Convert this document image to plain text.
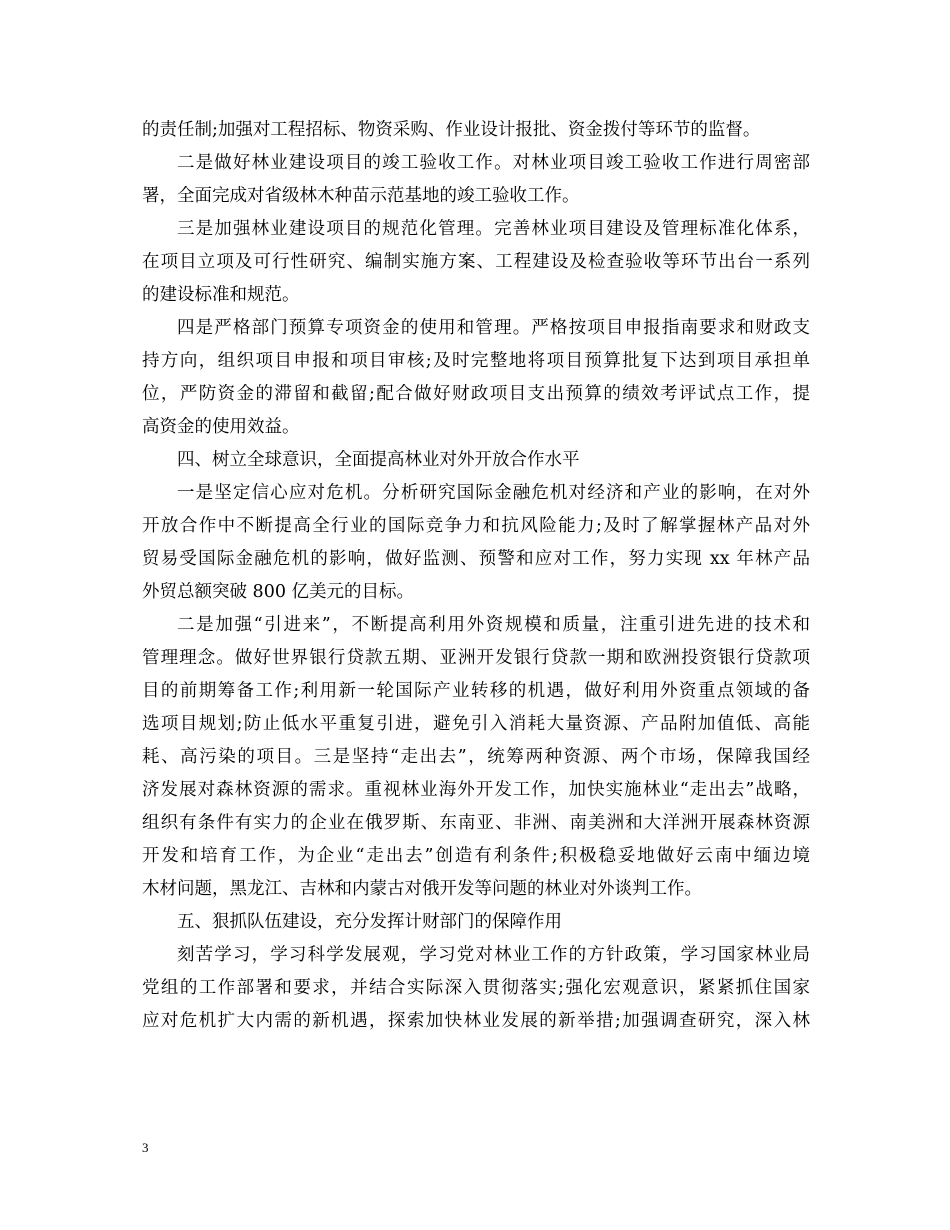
的责任制;加强对工程招标、物资采购、作业设计报批、资金拨付等环节的监督。
二是做好林业建设项目的竣工验收工作。对林业项目竣工验收工作进行周密部
署，全面完成对省级林木种苗示范基地的竣工验收工作。
三是加强林业建设项目的规范化管理。完善林业项目建设及管理标准化体系，
在项目立项及可行性研究、编制实施方案、工程建设及检查验收等环节出台一系列
的建设标准和规范。
四是严格部门预算专项资金的使用和管理。严格按项目申报指南要求和财政支
持方向，组织项目申报和项目审核;及时完整地将项目预算批复下达到项目承担单
位，严防资金的滞留和截留;配合做好财政项目支出预算的绩效考评试点工作，提
高资金的使用效益。
四、树立全球意识，全面提高林业对外开放合作水平
一是坚定信心应对危机。分析研究国际金融危机对经济和产业的影响，在对外
开放合作中不断提高全行业的国际竞争力和抗风险能力;及时了解掌握林产品对外
贸易受国际金融危机的影响，做好监测、预警和应对工作，努力实现 xx 年林产品
外贸总额突破 800 亿美元的目标。
二是加强“引进来”，不断提高利用外资规模和质量，注重引进先进的技术和
管理理念。做好世界银行贷款五期、亚洲开发银行贷款一期和欧洲投资银行贷款项
目的前期筹备工作;利用新一轮国际产业转移的机遇，做好利用外资重点领域的备
选项目规划;防止低水平重复引进，避免引入消耗大量资源、产品附加值低、高能
耗、高污染的项目。三是坚持“走出去”，统筹两种资源、两个市场，保障我国经
济发展对森林资源的需求。重视林业海外开发工作，加快实施林业“走出去”战略，
组织有条件有实力的企业在俄罗斯、东南亚、非洲、南美洲和大洋洲开展森林资源
开发和培育工作，为企业“走出去”创造有利条件;积极稳妥地做好云南中缅边境
木材问题，黑龙江、吉林和内蒙古对俄开发等问题的林业对外谈判工作。
五、狠抓队伍建设，充分发挥计财部门的保障作用
刻苦学习，学习科学发展观，学习党对林业工作的方针政策，学习国家林业局
党组的工作部署和要求，并结合实际深入贯彻落实;强化宏观意识，紧紧抓住国家
应对危机扩大内需的新机遇，探索加快林业发展的新举措;加强调查研究，深入林
3
